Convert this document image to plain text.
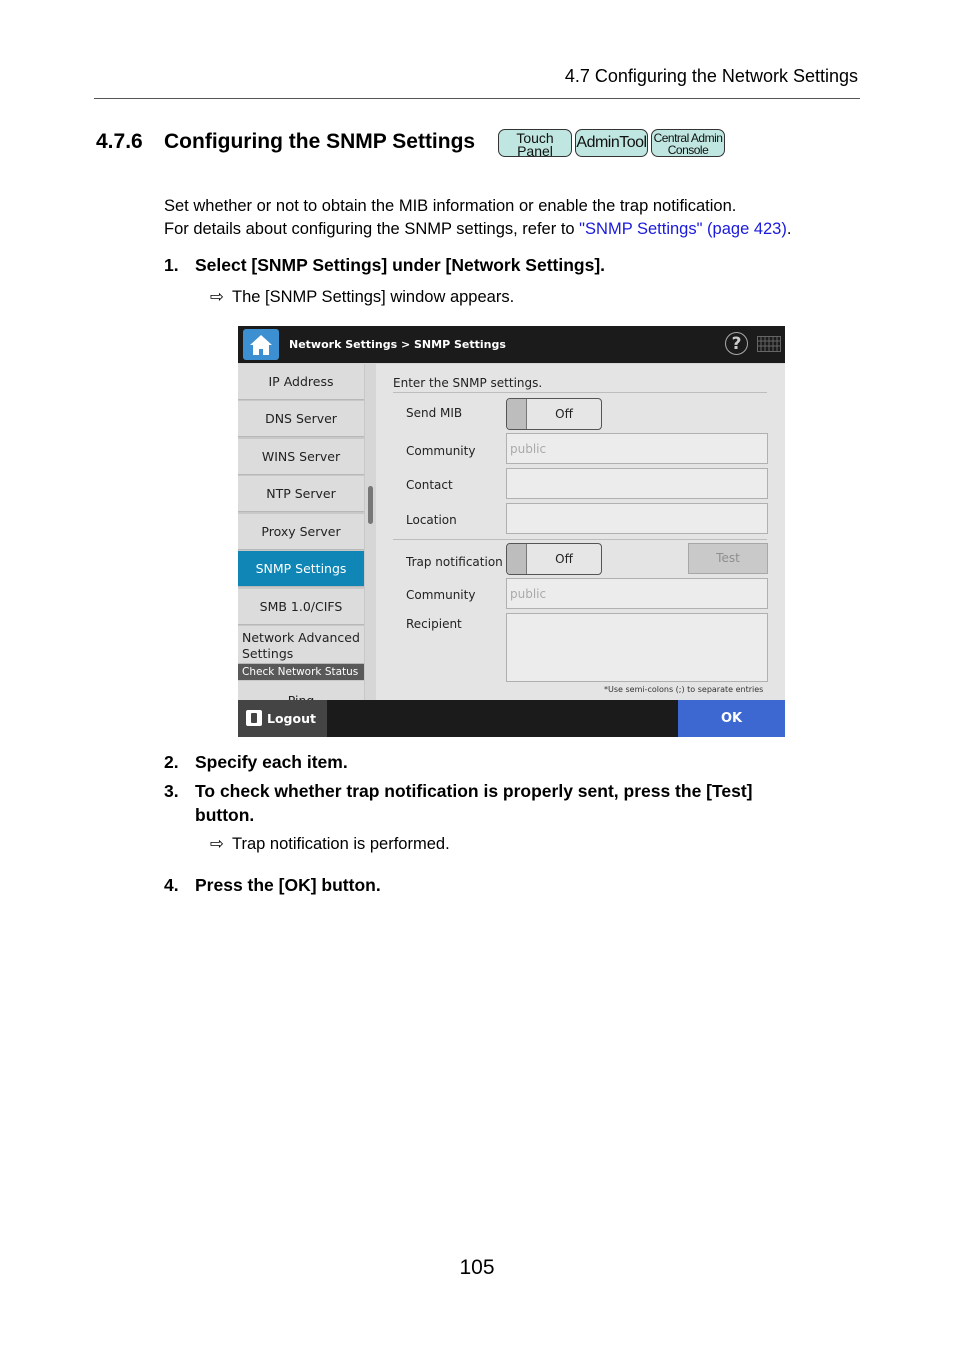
4.7 Configuring the Network Settings
4.7.6 Configuring the SNMP Settings	Touch
Panel	AdminTool Central Admin
Console
Set whether or not to obtain the MIB information or enable the trap notification.
For details about configuring the SNMP settings, refer to "SNMP Settings" (page 423).
1. Select [SNMP Settings] under [Network Settings].
⇨ The [SNMP Settings] window appears.
Network Settings > SNMP Settings	?
IP Address
DNS Server
WINS Server
NTP Server
Proxy Server
SNMP Settings
SMB 1.0/CIFS
Network Advanced Settings
Check Network Status
Enter the SNMP settings.
Send MIB	Off
Community	public
Contact
Location
Trap notification	Off	Test
Community	public
Recipient
*Use semi-colons (;) to separate entries
Logout	OK
2. Specify each item.
3. To check whether trap notification is properly sent, press the [Test]
button.
⇨ Trap notification is performed.
4. Press the [OK] button.
105
